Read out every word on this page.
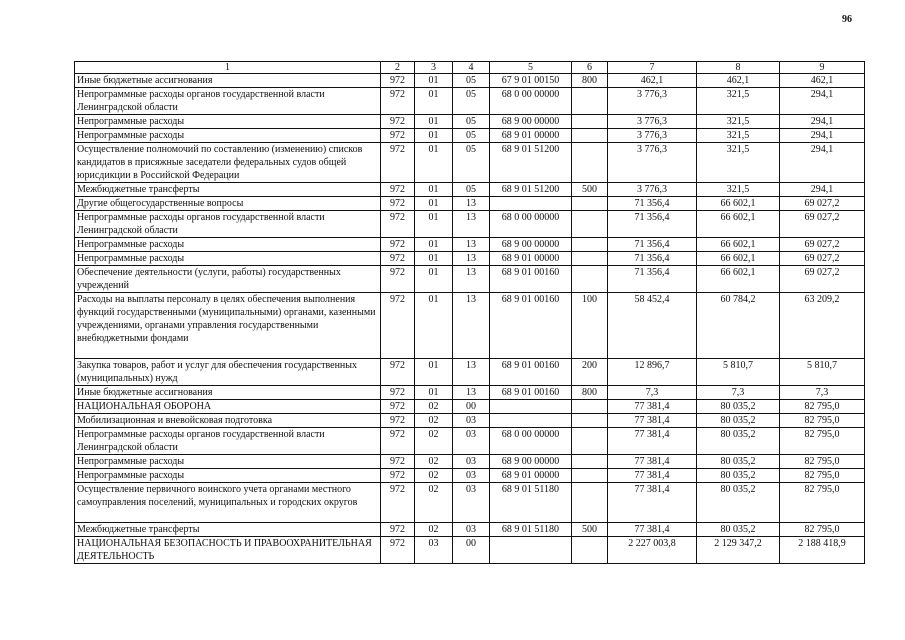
96
1	2	3	4	5	6	7	8	9
Иные бюджетные ассигнования	972	01	05	67 9 01 00150	800	462,1	462,1	462,1
Непрограммные расходы органов государственной власти Ленинградской области	972	01	05	68 0 00 00000		3 776,3	321,5	294,1
Непрограммные расходы	972	01	05	68 9 00 00000		3 776,3	321,5	294,1
Непрограммные расходы	972	01	05	68 9 01 00000		3 776,3	321,5	294,1
Осуществление полномочий по составлению (изменению) списков кандидатов в присяжные заседатели федеральных судов общей юрисдикции в Российской Федерации	972	01	05	68 9 01 51200		3 776,3	321,5	294,1
Межбюджетные трансферты	972	01	05	68 9 01 51200	500	3 776,3	321,5	294,1
Другие общегосударственные вопросы	972	01	13			71 356,4	66 602,1	69 027,2
Непрограммные расходы органов государственной власти Ленинградской области	972	01	13	68 0 00 00000		71 356,4	66 602,1	69 027,2
Непрограммные расходы	972	01	13	68 9 00 00000		71 356,4	66 602,1	69 027,2
Непрограммные расходы	972	01	13	68 9 01 00000		71 356,4	66 602,1	69 027,2
Обеспечение деятельности (услуги, работы) государственных учреждений	972	01	13	68 9 01 00160		71 356,4	66 602,1	69 027,2
Расходы на выплаты персоналу в целях обеспечения выполнения функций государственными (муниципальными) органами, казенными учреждениями, органами управления государственными внебюджетными фондами	972	01	13	68 9 01 00160	100	58 452,4	60 784,2	63 209,2
Закупка товаров, работ и услуг для обеспечения государственных (муниципальных) нужд	972	01	13	68 9 01 00160	200	12 896,7	5 810,7	5 810,7
Иные бюджетные ассигнования	972	01	13	68 9 01 00160	800	7,3	7,3	7,3
НАЦИОНАЛЬНАЯ ОБОРОНА	972	02	00			77 381,4	80 035,2	82 795,0
Мобилизационная и вневойсковая подготовка	972	02	03			77 381,4	80 035,2	82 795,0
Непрограммные расходы органов государственной власти Ленинградской области	972	02	03	68 0 00 00000		77 381,4	80 035,2	82 795,0
Непрограммные расходы	972	02	03	68 9 00 00000		77 381,4	80 035,2	82 795,0
Непрограммные расходы	972	02	03	68 9 01 00000		77 381,4	80 035,2	82 795,0
Осуществление первичного воинского учета органами местного самоуправления поселений, муниципальных и городских округов	972	02	03	68 9 01 51180		77 381,4	80 035,2	82 795,0
Межбюджетные трансферты	972	02	03	68 9 01 51180	500	77 381,4	80 035,2	82 795,0
НАЦИОНАЛЬНАЯ БЕЗОПАСНОСТЬ И ПРАВООХРАНИТЕЛЬНАЯ ДЕЯТЕЛЬНОСТЬ	972	03	00			2 227 003,8	2 129 347,2	2 188 418,9
